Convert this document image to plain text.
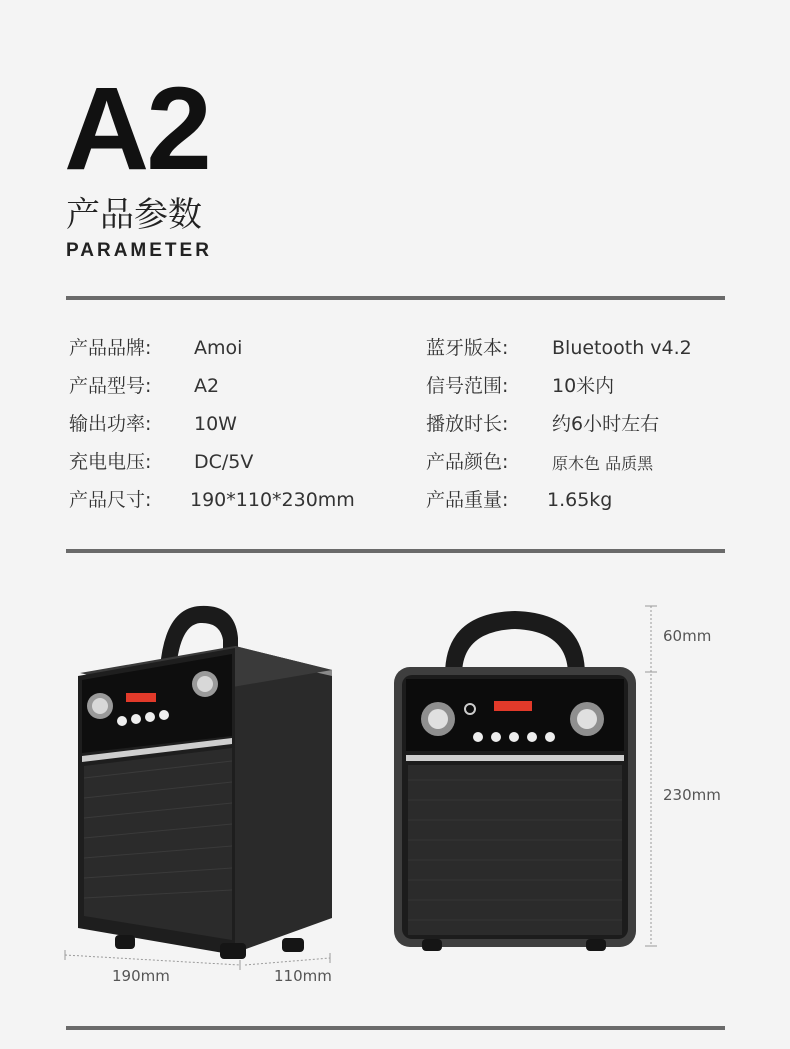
A2
产品参数
PARAMETER
产品品牌: Amoi
产品型号: A2
输出功率: 10W
充电电压: DC/5V
产品尺寸: 190*110*230mm
蓝牙版本: Bluetooth v4.2
信号范围: 10米内
播放时长: 约6小时左右
产品颜色:	原木色 品质黑
产品重量: 1.65kg
60mm
230mm
190mm	110mm
